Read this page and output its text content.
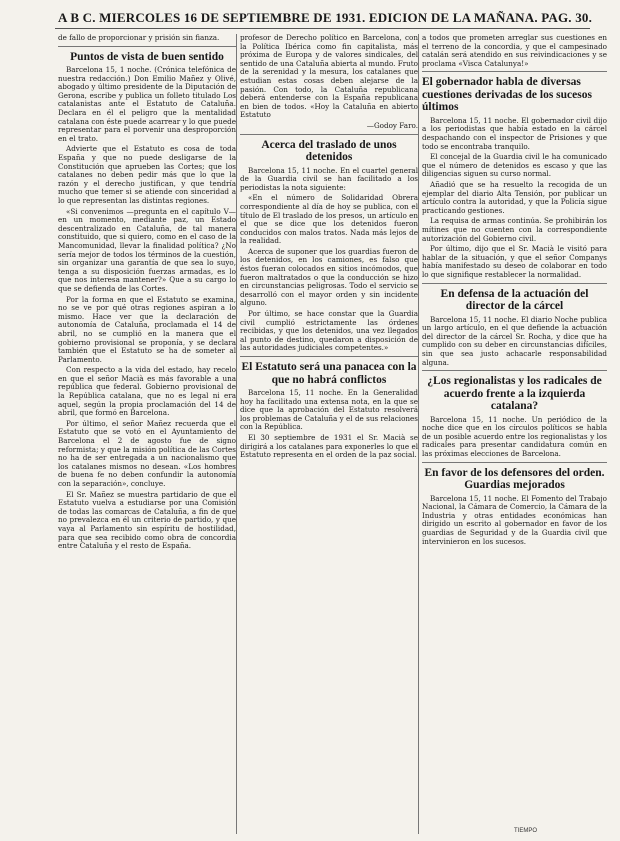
A B C. MIERCOLES 16 DE SEPTIEMBRE DE 1931. EDICION DE LA MAÑANA. PAG. 30.

de fallo de proporcionar y prisión sin fianza.

Puntos de vista de buen sentido

Barcelona 15, 1 noche. (Crónica telefónica de nuestra redacción.) Don Emilio Mañez y Olivé, abogado y último presidente de la Diputación de Gerona, escribe y publica un folleto titulado Los catalanistas ante el Estatuto de Cataluña. Declara en él el peligro que la mentalidad catalana con éste puede acarrear y lo que puede representar para el porvenir una desproporción en el trato.

Advierte que el Estatuto es cosa de toda España y que no puede desligarse de la Constitución que aprueben las Cortes; que los catalanes no deben pedir más que lo que la razón y el derecho justifican, y que tendría mucho que temer si se atiende con sinceridad a lo que representan las distintas regiones.

«Si convenimos —pregunta en el capítulo V— en un momento, mediante paz, un Estado descentralizado en Cataluña, de tal manera constituido, que si quiero, como en el caso de la Mancomunidad, llevar la finalidad política? ¿No sería mejor de todos los términos de la cuestión, sin organizar una garantía de que sea lo suyo, tenga a su disposición fuerzas armadas, es lo que nos interesa mantener?» Que a su cargo lo que se defienda de las Cortes.

Por la forma en que el Estatuto se examina, no se ve por qué otras regiones aspiran a lo mismo. Hace ver que la declaración de autonomía de Cataluña, proclamada el 14 de abril, no se cumplió en la manera que el gobierno provisional se proponía, y se declara también que el Estatuto se ha de someter al Parlamento.

Con respecto a la vida del estado, hay recelo en que el señor Macià es más favorable a una república que federal. Gobierno provisional de la República catalana, que no es legal ni era aquel, según la propia proclamación del 14 de abril, que formó en Barcelona.

Por último, el señor Mañez recuerda que el Estatuto que se votó en el Ayuntamiento de Barcelona el 2 de agosto fue de signo reformista; y que la misión política de las Cortes no ha de ser entregada a un nacionalismo que los catalanes mismos no desean. «Los hombres de buena fe no deben confundir la autonomía con la separación», concluye.

El Sr. Mañez se muestra partidario de que el Estatuto vuelva a estudiarse por una Comisión de todas las comarcas de Cataluña, a fin de que no prevalezca en él un criterio de partido, y que vaya al Parlamento sin espíritu de hostilidad, para que sea recibido como obra de concordia entre Cataluña y el resto de España.

profesor de Derecho político en Barcelona, con la Política Ibérica como fin capitalista, más próxima de Europa y de valores sindicales, del sentido de una Cataluña abierta al mundo. Fruto de la serenidad y la mesura, los catalanes que estudian estas cosas deben alejarse de la pasión. Con todo, la Cataluña republicana deberá entenderse con la España republicana en bien de todos. «Hoy la Cataluña en abierto Estatuto

—Godoy Faro.

Acerca del traslado de unos detenidos

Barcelona 15, 11 noche. En el cuartel general de la Guardia civil se han facilitado a los periodistas la nota siguiente:

«En el número de Solidaridad Obrera correspondiente al día de hoy se publica, con el título de El traslado de los presos, un artículo en el que se dice que los detenidos fueron conducidos con malos tratos. Nada más lejos de la realidad.

Acerca de suponer que los guardias fueron de los detenidos, en los camiones, es falso que éstos fueran colocados en sitios incómodos, que fueron maltratados o que la conducción se hizo en circunstancias peligrosas. Todo el servicio se desarrolló con el mayor orden y sin incidente alguno.

Por último, se hace constar que la Guardia civil cumplió estrictamente las órdenes recibidas, y que los detenidos, una vez llegados al punto de destino, quedaron a disposición de las autoridades judiciales competentes.»

El Estatuto será una panacea con la que no habrá conflictos

Barcelona 15, 11 noche. En la Generalidad hoy ha facilitado una extensa nota, en la que se dice que la aprobación del Estatuto resolverá los problemas de Cataluña y el de sus relaciones con la República.

El 30 septiembre de 1931 el Sr. Macià se dirigirá a los catalanes para exponerles lo que el Estatuto representa en el orden de la paz social.

a todos que prometen arreglar sus cuestiones en el terreno de la concordia, y que el campesinado catalán será atendido en sus reivindicaciones y se proclama «Visca Catalunya!»

El gobernador habla de diversas cuestiones derivadas de los sucesos últimos

Barcelona 15, 11 noche. El gobernador civil dijo a los periodistas que había estado en la cárcel despachando con el inspector de Prisiones y que todo se encontraba tranquilo.

El concejal de la Guardia civil le ha comunicado que el número de detenidos es escaso y que las diligencias siguen su curso normal.

Añadió que se ha resuelto la recogida de un ejemplar del diario Alta Tensión, por publicar un artículo contra la autoridad, y que la Policía sigue practicando gestiones.

La requisa de armas continúa. Se prohibirán los mítines que no cuenten con la correspondiente autorización del Gobierno civil.

Por último, dijo que el Sr. Macià le visitó para hablar de la situación, y que el señor Companys había manifestado su deseo de colaborar en todo lo que signifique restablecer la normalidad.

En defensa de la actuación del director de la cárcel

Barcelona 15, 11 noche. El diario Noche publica un largo artículo, en el que defiende la actuación del director de la cárcel Sr. Rocha, y dice que ha cumplido con su deber en circunstancias difíciles, sin que sea justo achacarle responsabilidad alguna.

¿Los regionalistas y los radicales de acuerdo frente a la izquierda catalana?

Barcelona 15, 11 noche. Un periódico de la noche dice que en los círculos políticos se habla de un posible acuerdo entre los regionalistas y los radicales para presentar candidatura común en las próximas elecciones de Barcelona.

En favor de los defensores del orden. Guardias mejorados

Barcelona 15, 11 noche. El Fomento del Trabajo Nacional, la Cámara de Comercio, la Cámara de la Industria y otras entidades económicas han dirigido un escrito al gobernador en favor de los guardias de Seguridad y de la Guardia civil que intervinieron en los sucesos.

TIEMPO
